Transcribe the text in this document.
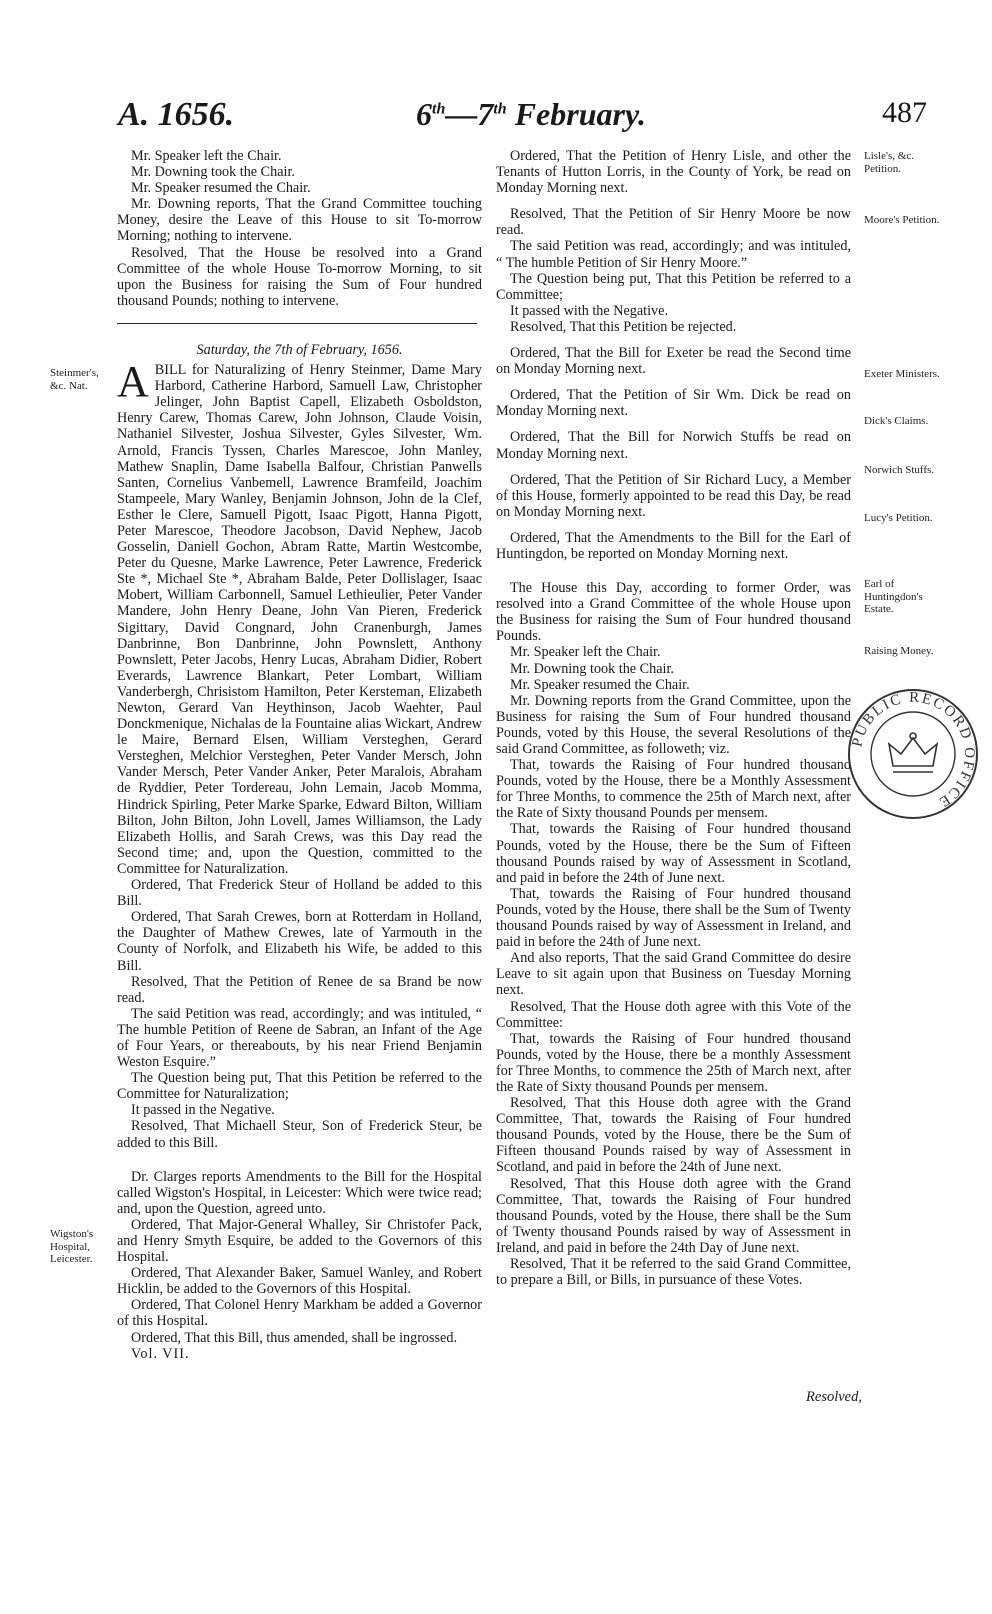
A. 1656.	6th—7th February.	487
Steinmer's, &c. Nat.
Wigston's Hospital, Leicester.
Lisle's, &c. Petition.
Moore's Petition.
Exeter Ministers.
Dick's Claims.
Norwich Stuffs.
Lucy's Petition.
Earl of Huntingdon's Estate.
Raising Money.

Mr. Speaker left the Chair.

Mr. Downing took the Chair.

Mr. Speaker resumed the Chair.

Mr. Downing reports, That the Grand Committee touching Money, desire the Leave of this House to sit To-morrow Morning; nothing to intervene.

Resolved, That the House be resolved into a Grand Committee of the whole House To-morrow Morning, to sit upon the Business for raising the Sum of Four hundred thousand Pounds; nothing to intervene.

Saturday, the 7th of February, 1656.

A BILL for Naturalizing of Henry Steinmer, Dame Mary Harbord, Catherine Harbord, Samuell Law, Christopher Jelinger, John Baptist Capell, Elizabeth Osboldston, Henry Carew, Thomas Carew, John Johnson, Claude Voisin, Nathaniel Silvester, Joshua Silvester, Gyles Silvester, Wm. Arnold, Francis Tyssen, Charles Marescoe, John Manley, Mathew Snaplin, Dame Isabella Balfour, Christian Panwells Santen, Cornelius Vanbemell, Lawrence Bramfeild, Joachim Stampeele, Mary Wanley, Benjamin Johnson, John de la Clef, Esther le Clere, Samuell Pigott, Isaac Pigott, Hanna Pigott, Peter Marescoe, Theodore Jacobson, David Nephew, Jacob Gosselin, Daniell Gochon, Abram Ratte, Martin Westcombe, Peter du Quesne, Marke Lawrence, Peter Lawrence, Frederick Ste *, Michael Ste *, Abraham Balde, Peter Dollislager, Isaac Mobert, William Carbonnell, Samuel Lethieulier, Peter Vander Mandere, John Henry Deane, John Van Pieren, Frederick Sigittary, David Congnard, John Cranenburgh, James Danbrinne, Bon Danbrinne, John Pownslett, Anthony Pownslett, Peter Jacobs, Henry Lucas, Abraham Didier, Robert Everards, Lawrence Blankart, Peter Lombart, William Vanderbergh, Chrisistom Hamilton, Peter Kersteman, Elizabeth Newton, Gerard Van Heythinson, Jacob Waehter, Paul Donckmenique, Nichalas de la Fountaine alias Wickart, Andrew le Maire, Bernard Elsen, William Versteghen, Gerard Versteghen, Melchior Versteghen, Peter Vander Mersch, John Vander Mersch, Peter Vander Anker, Peter Maralois, Abraham de Ryddier, Peter Tordereau, John Lemain, Jacob Momma, Hindrick Spirling, Peter Marke Sparke, Edward Bilton, William Bilton, John Bilton, John Lovell, James Williamson, the Lady Elizabeth Hollis, and Sarah Crews, was this Day read the Second time; and, upon the Question, committed to the Committee for Naturalization.

Ordered, That Frederick Steur of Holland be added to this Bill.

Ordered, That Sarah Crewes, born at Rotterdam in Holland, the Daughter of Mathew Crewes, late of Yarmouth in the County of Norfolk, and Elizabeth his Wife, be added to this Bill.

Resolved, That the Petition of Renee de sa Brand be now read.

The said Petition was read, accordingly; and was intituled, “ The humble Petition of Reene de Sabran, an Infant of the Age of Four Years, or thereabouts, by his near Friend Benjamin Weston Esquire.”

The Question being put, That this Petition be referred to the Committee for Naturalization;

It passed in the Negative.

Resolved, That Michaell Steur, Son of Frederick Steur, be added to this Bill.

Dr. Clarges reports Amendments to the Bill for the Hospital called Wigston's Hospital, in Leicester: Which were twice read; and, upon the Question, agreed unto.

Ordered, That Major-General Whalley, Sir Christofer Pack, and Henry Smyth Esquire, be added to the Governors of this Hospital.

Ordered, That Alexander Baker, Samuel Wanley, and Robert Hicklin, be added to the Governors of this Hospital.

Ordered, That Colonel Henry Markham be added a Governor of this Hospital.

Ordered, That this Bill, thus amended, shall be ingrossed.

Vol. VII.

Ordered, That the Petition of Henry Lisle, and other the Tenants of Hutton Lorris, in the County of York, be read on Monday Morning next.

Resolved, That the Petition of Sir Henry Moore be now read.

The said Petition was read, accordingly; and was intituled, “ The humble Petition of Sir Henry Moore.”

The Question being put, That this Petition be referred to a Committee;

It passed with the Negative.

Resolved, That this Petition be rejected.

Ordered, That the Bill for Exeter be read the Second time on Monday Morning next.

Ordered, That the Petition of Sir Wm. Dick be read on Monday Morning next.

Ordered, That the Bill for Norwich Stuffs be read on Monday Morning next.

Ordered, That the Petition of Sir Richard Lucy, a Member of this House, formerly appointed to be read this Day, be read on Monday Morning next.

Ordered, That the Amendments to the Bill for the Earl of Huntingdon, be reported on Monday Morning next.

The House this Day, according to former Order, was resolved into a Grand Committee of the whole House upon the Business for raising the Sum of Four hundred thousand Pounds.

Mr. Speaker left the Chair.

Mr. Downing took the Chair.

Mr. Speaker resumed the Chair.

Mr. Downing reports from the Grand Committee, upon the Business for raising the Sum of Four hundred thousand Pounds, voted by this House, the several Resolutions of the said Grand Committee, as followeth; viz.

That, towards the Raising of Four hundred thousand Pounds, voted by the House, there be a Monthly Assessment for Three Months, to commence the 25th of March next, after the Rate of Sixty thousand Pounds per mensem.

That, towards the Raising of Four hundred thousand Pounds, voted by the House, there be the Sum of Fifteen thousand Pounds raised by way of Assessment in Scotland, and paid in before the 24th of June next.

That, towards the Raising of Four hundred thousand Pounds, voted by the House, there shall be the Sum of Twenty thousand Pounds raised by way of Assessment in Ireland, and paid in before the 24th of June next.

And also reports, That the said Grand Committee do desire Leave to sit again upon that Business on Tuesday Morning next.

Resolved, That the House doth agree with this Vote of the Committee:

That, towards the Raising of Four hundred thousand Pounds, voted by the House, there be a monthly Assessment for Three Months, to commence the 25th of March next, after the Rate of Sixty thousand Pounds per mensem.

Resolved, That this House doth agree with the Grand Committee, That, towards the Raising of Four hundred thousand Pounds, voted by the House, there be the Sum of Fifteen thousand Pounds raised by way of Assessment in Scotland, and paid in before the 24th of June next.

Resolved, That this House doth agree with the Grand Committee, That, towards the Raising of Four hundred thousand Pounds, voted by the House, there shall be the Sum of Twenty thousand Pounds raised by way of Assessment in Ireland, and paid in before the 24th Day of June next.

Resolved, That it be referred to the said Grand Committee, to prepare a Bill, or Bills, in pursuance of these Votes.

Resolved,
PUBLIC RECORD OFFICE
